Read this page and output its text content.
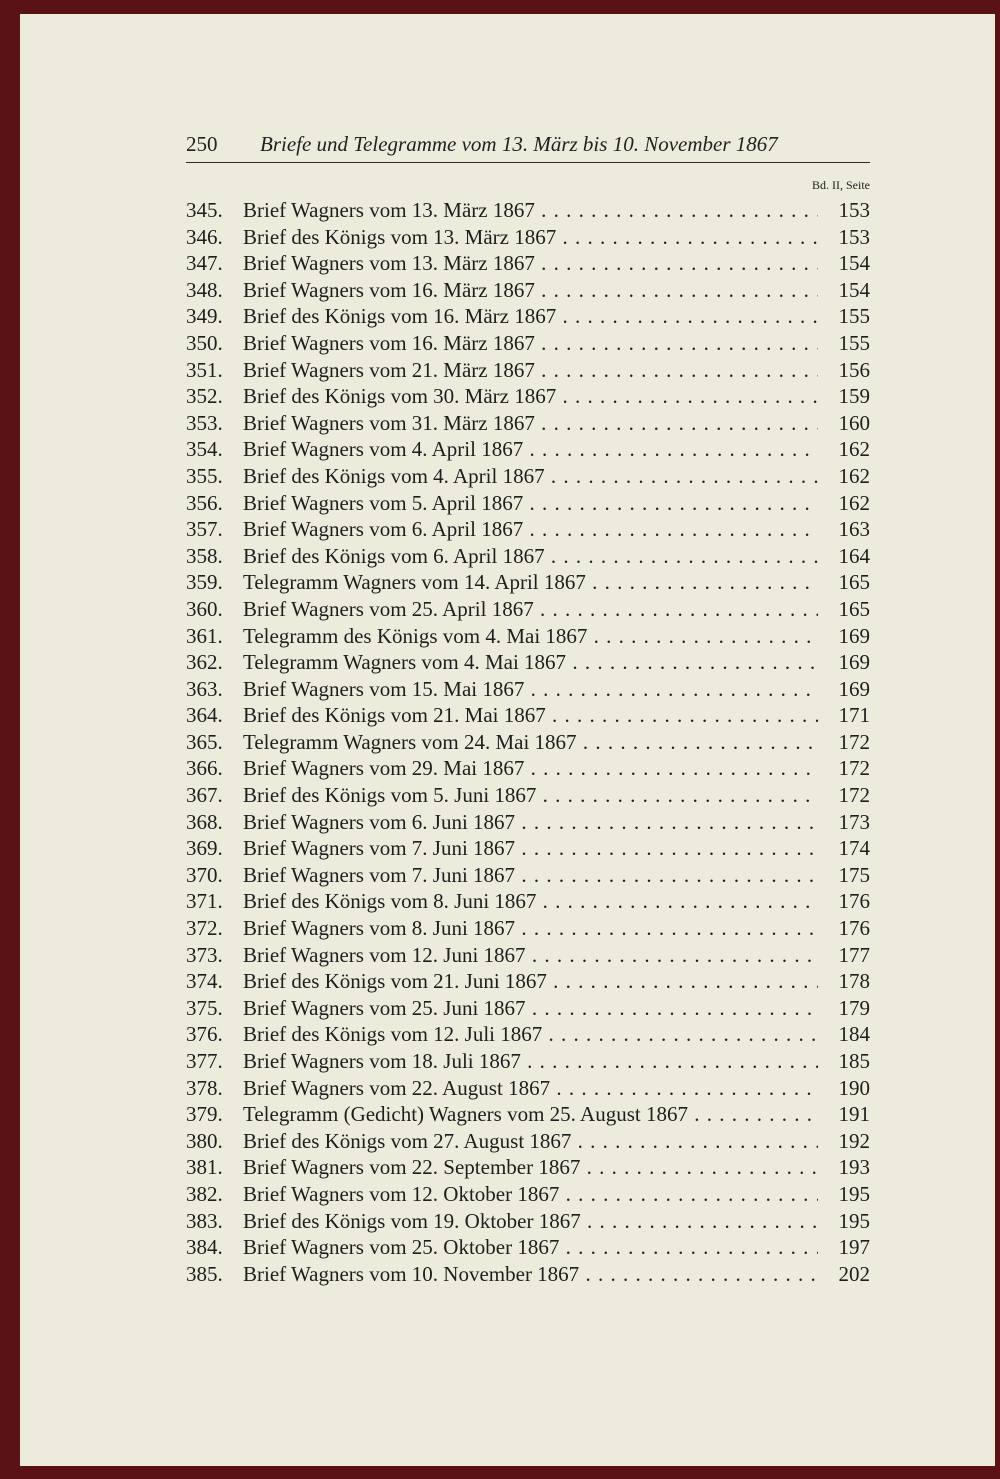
250 Briefe und Telegramme vom 13. März bis 10. November 1867
Bd. II, Seite
345. Brief Wagners vom 13. März 1867 . . .	153
346. Brief des Königs vom 13. März 1867 . . .	153
347. Brief Wagners vom 13. März 1867 . . .	154
348. Brief Wagners vom 16. März 1867 . . .	154
349. Brief des Königs vom 16. März 1867 . . .	155
350. Brief Wagners vom 16. März 1867 . . .	155
351. Brief Wagners vom 21. März 1867 . . .	156
352. Brief des Königs vom 30. März 1867 . . .	159
353. Brief Wagners vom 31. März 1867 . . .	160
354. Brief Wagners vom 4. April 1867 . . .	162
355. Brief des Königs vom 4. April 1867 . . .	162
356. Brief Wagners vom 5. April 1867 . . .	162
357. Brief Wagners vom 6. April 1867 . . .	163
358. Brief des Königs vom 6. April 1867 . . .	164
359. Telegramm Wagners vom 14. April 1867 . . .	165
360. Brief Wagners vom 25. April 1867 . . .	165
361. Telegramm des Königs vom 4. Mai 1867 . . .	169
362. Telegramm Wagners vom 4. Mai 1867 . . .	169
363. Brief Wagners vom 15. Mai 1867 . . .	169
364. Brief des Königs vom 21. Mai 1867 . . .	171
365. Telegramm Wagners vom 24. Mai 1867 . . .	172
366. Brief Wagners vom 29. Mai 1867 . . .	172
367. Brief des Königs vom 5. Juni 1867 . . .	172
368. Brief Wagners vom 6. Juni 1867 . . .	173
369. Brief Wagners vom 7. Juni 1867 . . .	174
370. Brief Wagners vom 7. Juni 1867 . . .	175
371. Brief des Königs vom 8. Juni 1867 . . .	176
372. Brief Wagners vom 8. Juni 1867 . . .	176
373. Brief Wagners vom 12. Juni 1867 . . .	177
374. Brief des Königs vom 21. Juni 1867 . . .	178
375. Brief Wagners vom 25. Juni 1867 . . .	179
376. Brief des Königs vom 12. Juli 1867 . . .	184
377. Brief Wagners vom 18. Juli 1867 . . .	185
378. Brief Wagners vom 22. August 1867 . . .	190
379. Telegramm (Gedicht) Wagners vom 25. August 1867 . . .	191
380. Brief des Königs vom 27. August 1867 . . .	192
381. Brief Wagners vom 22. September 1867 . . .	193
382. Brief Wagners vom 12. Oktober 1867 . . .	195
383. Brief des Königs vom 19. Oktober 1867 . . .	195
384. Brief Wagners vom 25. Oktober 1867 . . .	197
385. Brief Wagners vom 10. November 1867 . . .	202
